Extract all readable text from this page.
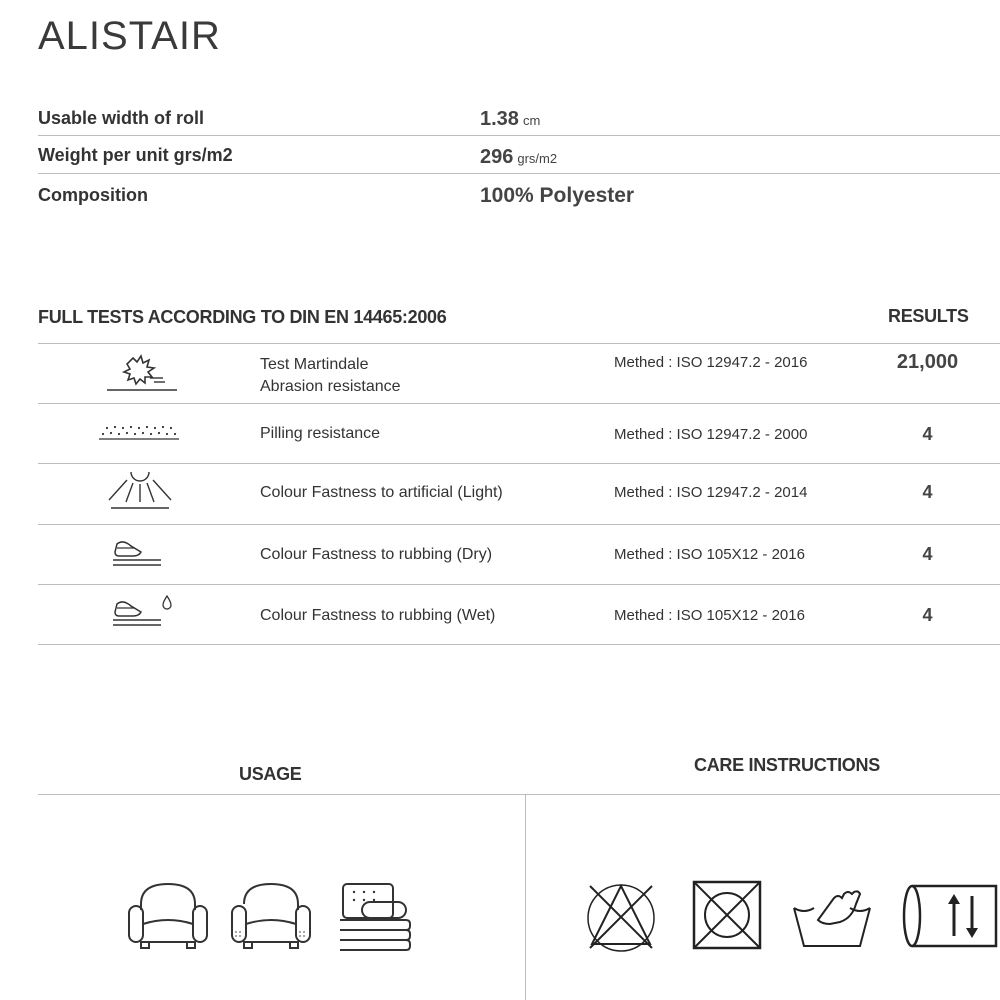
ALISTAIR
Usable width of roll	1.38 cm
Weight per unit grs/m2	296 grs/m2
Composition	100% Polyester
FULL TESTS ACCORDING TO DIN EN 14465:2006	RESULTS
Test Martindale
Abrasion resistance
Methed : ISO 12947.2 - 2016	21,000
Pilling resistance	Methed : ISO 12947.2 - 2000	4
Colour Fastness to artificial (Light)	Methed : ISO 12947.2 - 2014	4
Colour Fastness to rubbing (Dry)	Methed : ISO 105X12 - 2016	4
Colour Fastness to rubbing (Wet)	Methed : ISO 105X12 - 2016	4
USAGE	CARE INSTRUCTIONS
